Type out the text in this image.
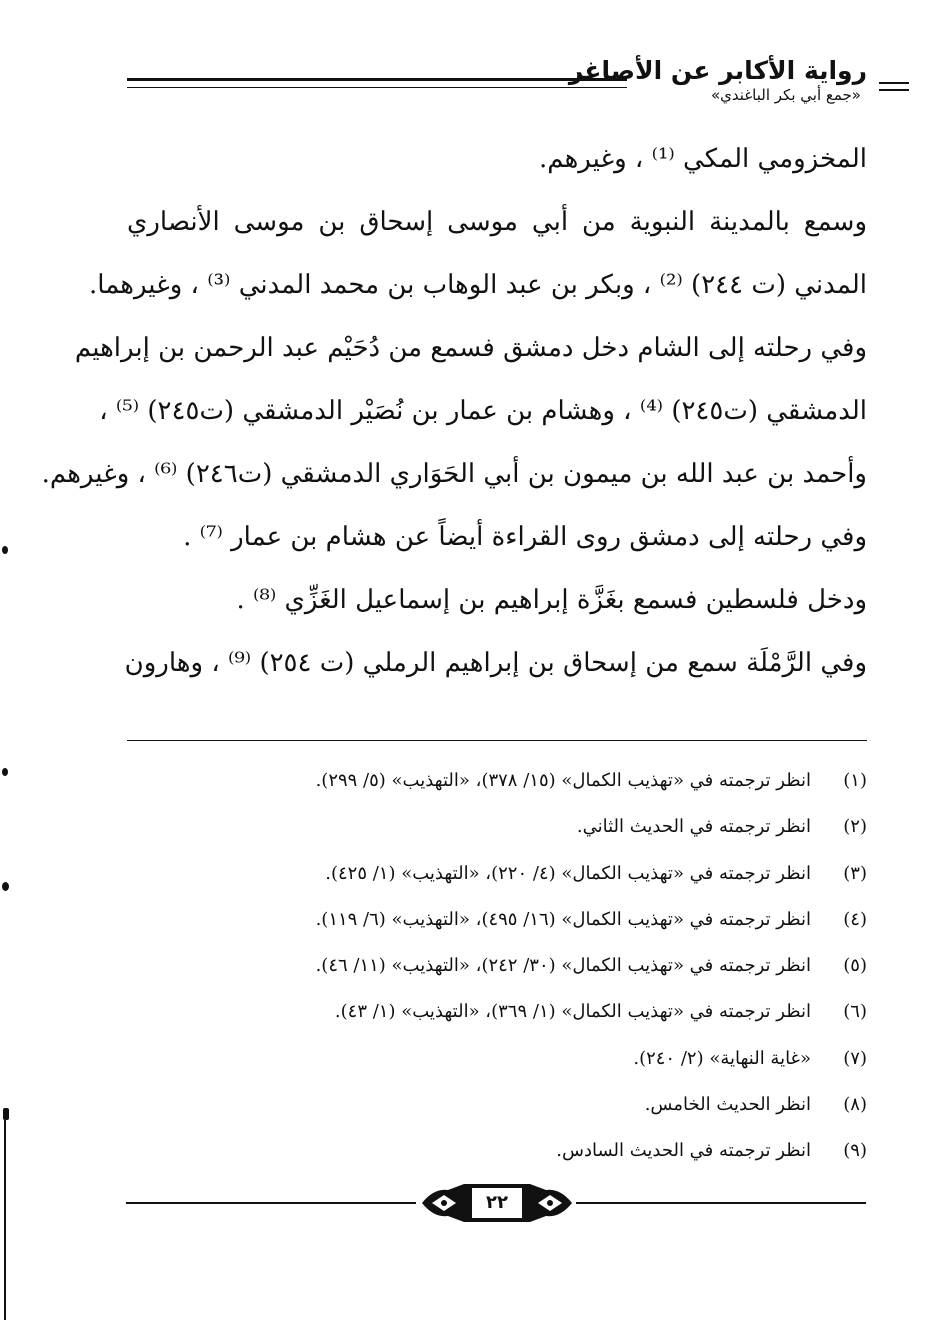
رواية الأكابر عن الأصاغر
«جمع أبي بكر الباغندي»
المخزومي المكي ⁽¹⁾ ، وغيرهم.
وسمع بالمدينة النبوية من أبي موسى إسحاق بن موسى الأنصاري
المدني (ت ٢٤٤) ⁽²⁾ ، وبكر بن عبد الوهاب بن محمد المدني ⁽³⁾ ، وغيرهما.
وفي رحلته إلى الشام دخل دمشق فسمع من دُحَيْم عبد الرحمن بن إبراهيم
الدمشقي (ت٢٤٥) ⁽⁴⁾ ، وهشام بن عمار بن نُصَيْر الدمشقي (ت٢٤٥) ⁽⁵⁾ ،
وأحمد بن عبد الله بن ميمون بن أبي الحَوَاري الدمشقي (ت٢٤٦) ⁽⁶⁾ ، وغيرهم.
وفي رحلته إلى دمشق روى القراءة أيضاً عن هشام بن عمار ⁽⁷⁾ .
ودخل فلسطين فسمع بغَزَّة إبراهيم بن إسماعيل الغَزِّي ⁽⁸⁾ .
وفي الرَّمْلَة سمع من إسحاق بن إبراهيم الرملي (ت ٢٥٤) ⁽⁹⁾ ، وهارون
(١)
انظر ترجمته في «تهذيب الكمال» (١٥/ ٣٧٨)، «التهذيب» (٥/ ٢٩٩).
(٢)
انظر ترجمته في الحديث الثاني.
(٣)
انظر ترجمته في «تهذيب الكمال» (٤/ ٢٢٠)، «التهذيب» (١/ ٤٢٥).
(٤)
انظر ترجمته في «تهذيب الكمال» (١٦/ ٤٩٥)، «التهذيب» (٦/ ١١٩).
(٥)
انظر ترجمته في «تهذيب الكمال» (٣٠/ ٢٤٢)، «التهذيب» (١١/ ٤٦).
(٦)
انظر ترجمته في «تهذيب الكمال» (١/ ٣٦٩)، «التهذيب» (١/ ٤٣).
(٧)
«غاية النهاية» (٢/ ٢٤٠).
(٨)
انظر الحديث الخامس.
(٩)
انظر ترجمته في الحديث السادس.
٢٢
